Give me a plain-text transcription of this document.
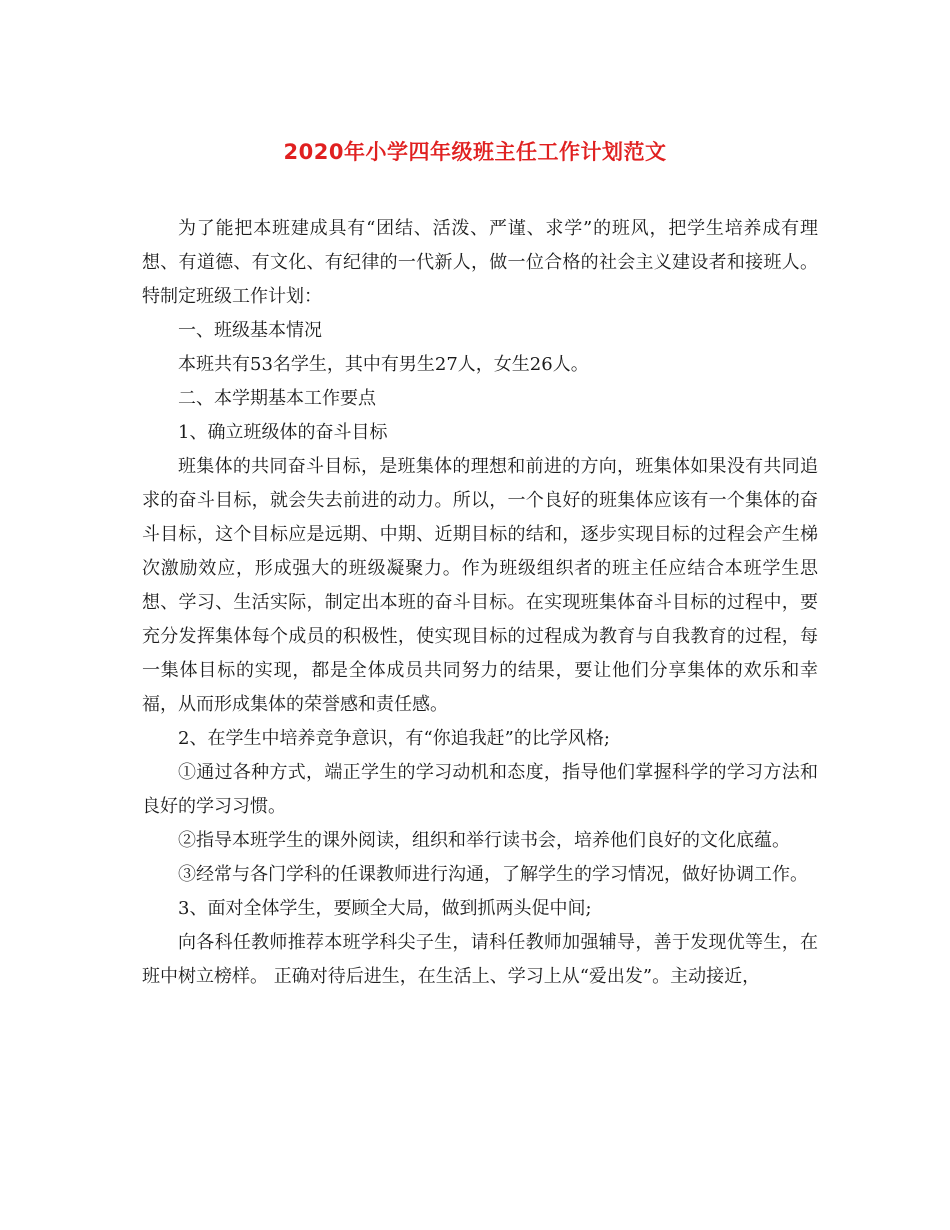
2020年小学四年级班主任工作计划范文

为了能把本班建成具有“团结、活泼、严谨、求学”的班风，把学生培养成有理想、有道德、有文化、有纪律的一代新人，做一位合格的社会主义建设者和接班人。特制定班级工作计划：

一、班级基本情况

本班共有53名学生，其中有男生27人，女生26人。

二、本学期基本工作要点

1、确立班级体的奋斗目标

班集体的共同奋斗目标，是班集体的理想和前进的方向，班集体如果没有共同追求的奋斗目标，就会失去前进的动力。所以，一个良好的班集体应该有一个集体的奋斗目标，这个目标应是远期、中期、近期目标的结和，逐步实现目标的过程会产生梯次激励效应，形成强大的班级凝聚力。作为班级组织者的班主任应结合本班学生思想、学习、生活实际，制定出本班的奋斗目标。在实现班集体奋斗目标的过程中，要充分发挥集体每个成员的积极性，使实现目标的过程成为教育与自我教育的过程，每一集体目标的实现，都是全体成员共同努力的结果，要让他们分享集体的欢乐和幸福，从而形成集体的荣誉感和责任感。

2、在学生中培养竞争意识，有“你追我赶”的比学风格;

①通过各种方式，端正学生的学习动机和态度，指导他们掌握科学的学习方法和良好的学习习惯。

②指导本班学生的课外阅读，组织和举行读书会，培养他们良好的文化底蕴。

③经常与各门学科的任课教师进行沟通，了解学生的学习情况，做好协调工作。

3、面对全体学生，要顾全大局，做到抓两头促中间;

向各科任教师推荐本班学科尖子生，请科任教师加强辅导，善于发现优等生，在班中树立榜样。 正确对待后进生，在生活上、学习上从“爱出发”。主动接近，
